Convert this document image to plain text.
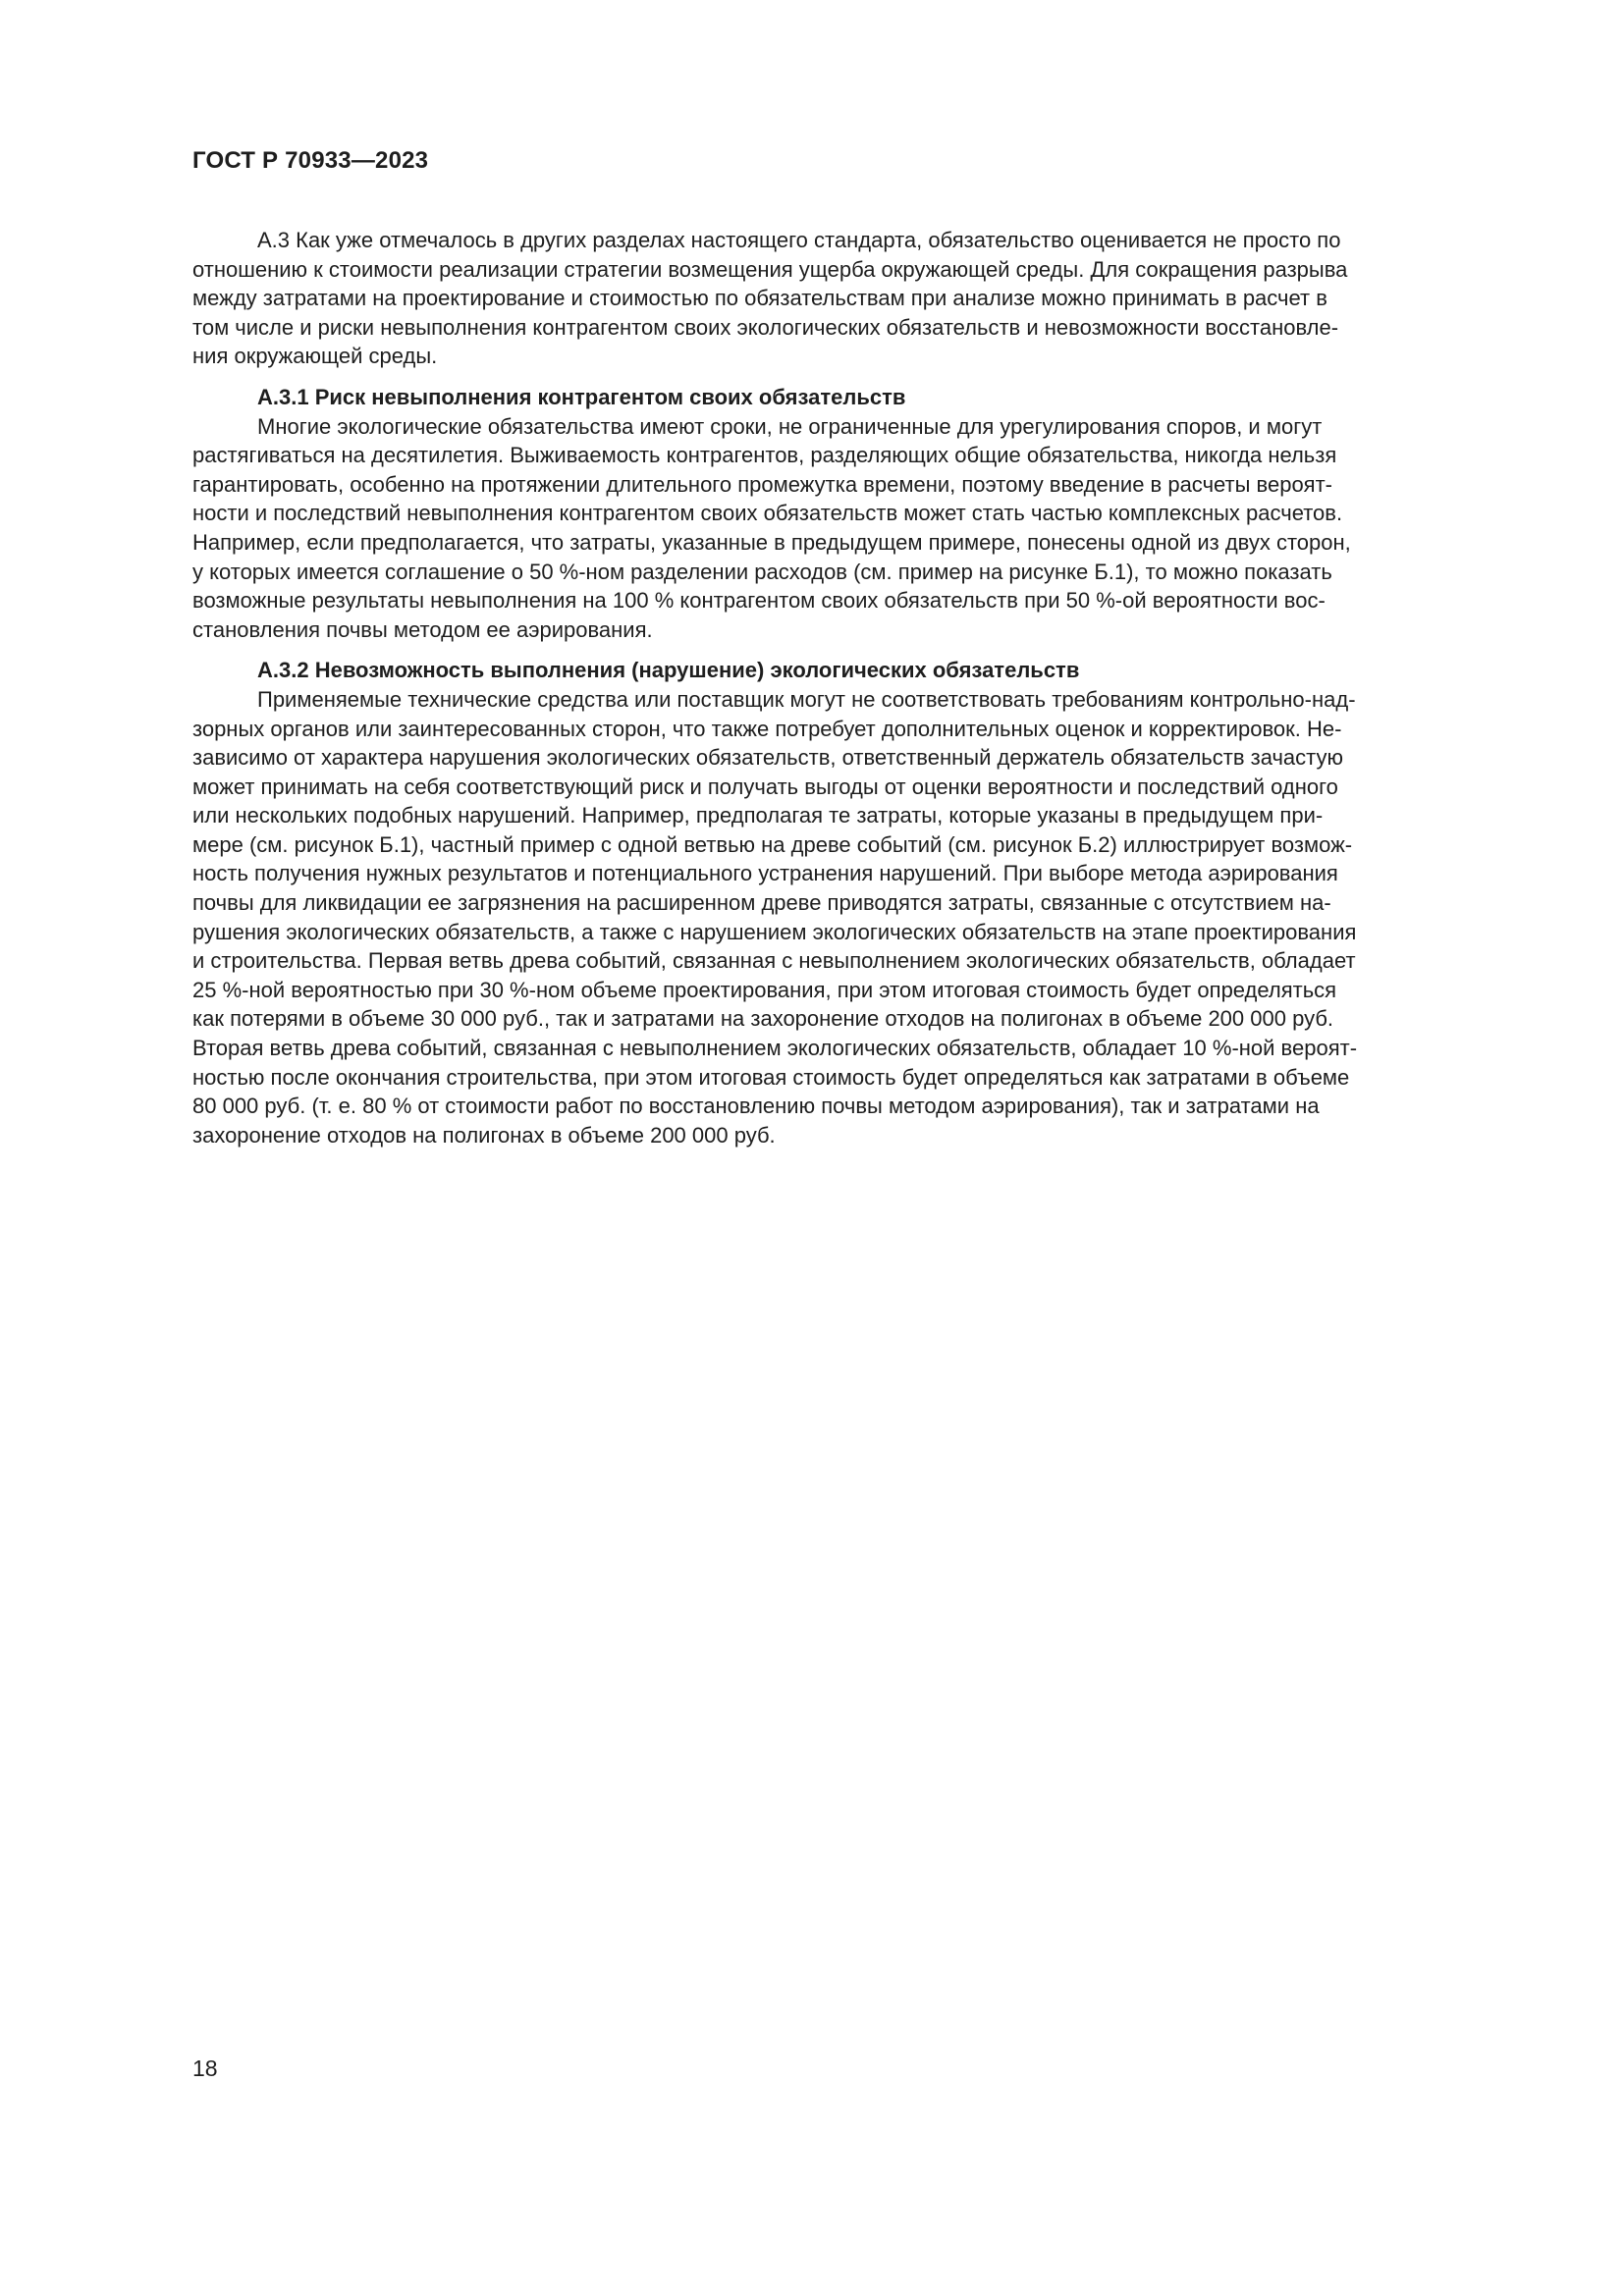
ГОСТ Р 70933—2023

А.3 Как уже отмечалось в других разделах настоящего стандарта, обязательство оценивается не просто по
отношению к стоимости реализации стратегии возмещения ущерба окружающей среды. Для сокращения разрыва
между затратами на проектирование и стоимостью по обязательствам при анализе можно принимать в расчет в
том числе и риски невыполнения контрагентом своих экологических обязательств и невозможности восстановле-
ния окружающей среды.

А.3.1 Риск невыполнения контрагентом своих обязательств

Многие экологические обязательства имеют сроки, не ограниченные для урегулирования споров, и могут
растягиваться на десятилетия. Выживаемость контрагентов, разделяющих общие обязательства, никогда нельзя
гарантировать, особенно на протяжении длительного промежутка времени, поэтому введение в расчеты вероят-
ности и последствий невыполнения контрагентом своих обязательств может стать частью комплексных расчетов.
Например, если предполагается, что затраты, указанные в предыдущем примере, понесены одной из двух сторон,
у которых имеется соглашение о 50 %-ном разделении расходов (см. пример на рисунке Б.1), то можно показать
возможные результаты невыполнения на 100 % контрагентом своих обязательств при 50 %-ой вероятности вос-
становления почвы методом ее аэрирования.

А.3.2 Невозможность выполнения (нарушение) экологических обязательств

Применяемые технические средства или поставщик могут не соответствовать требованиям контрольно-над-
зорных органов или заинтересованных сторон, что также потребует дополнительных оценок и корректировок. Не-
зависимо от характера нарушения экологических обязательств, ответственный держатель обязательств зачастую
может принимать на себя соответствующий риск и получать выгоды от оценки вероятности и последствий одного
или нескольких подобных нарушений. Например, предполагая те затраты, которые указаны в предыдущем при-
мере (см. рисунок Б.1), частный пример с одной ветвью на древе событий (см. рисунок Б.2) иллюстрирует возмож-
ность получения нужных результатов и потенциального устранения нарушений. При выборе метода аэрирования
почвы для ликвидации ее загрязнения на расширенном древе приводятся затраты, связанные с отсутствием на-
рушения экологических обязательств, а также с нарушением экологических обязательств на этапе проектирования
и строительства. Первая ветвь древа событий, связанная с невыполнением экологических обязательств, обладает
25 %-ной вероятностью при 30 %-ном объеме проектирования, при этом итоговая стоимость будет определяться
как потерями в объеме 30 000 руб., так и затратами на захоронение отходов на полигонах в объеме 200 000 руб.
Вторая ветвь древа событий, связанная с невыполнением экологических обязательств, обладает 10 %-ной вероят-
ностью после окончания строительства, при этом итоговая стоимость будет определяться как затратами в объеме
80 000 руб. (т. е. 80 % от стоимости работ по восстановлению почвы методом аэрирования), так и затратами на
захоронение отходов на полигонах в объеме 200 000 руб.

18
